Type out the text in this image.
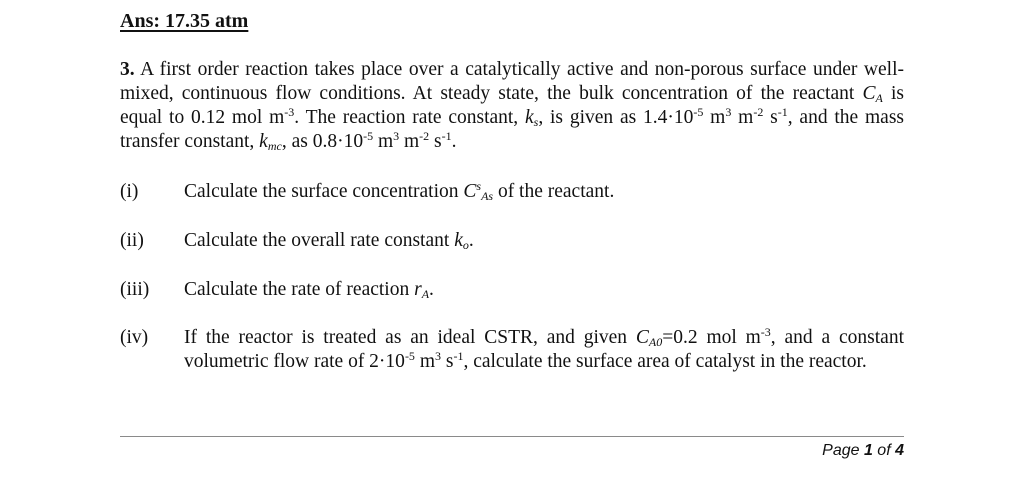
Ans: 17.35 atm
3. A first order reaction takes place over a catalytically active and non-porous surface under well-mixed, continuous flow conditions. At steady state, the bulk concentration of the reactant $C_A$ is equal to 0.12 mol $m^{-3}$. The reaction rate constant, $k_s$, is given as $1.4\cdot 10^{-5}$ $m^3$ $m^{-2}$ $s^{-1}$, and the mass transfer constant, $k_{mc}$, as $0.8\cdot 10^{-5}$ $m^3$ $m^{-2}$ $s^{-1}$.
(i) Calculate the surface concentration $C^s_{As}$ of the reactant.
(ii) Calculate the overall rate constant $k_o$.
(iii) Calculate the rate of reaction $r_A$.
(iv) If the reactor is treated as an ideal CSTR, and given $C_{A0}=0.2$ mol $m^{-3}$, and a constant volumetric flow rate of $2\cdot 10^{-5}$ $m^3$ $s^{-1}$, calculate the surface area of catalyst in the reactor.
Page 1 of 4
